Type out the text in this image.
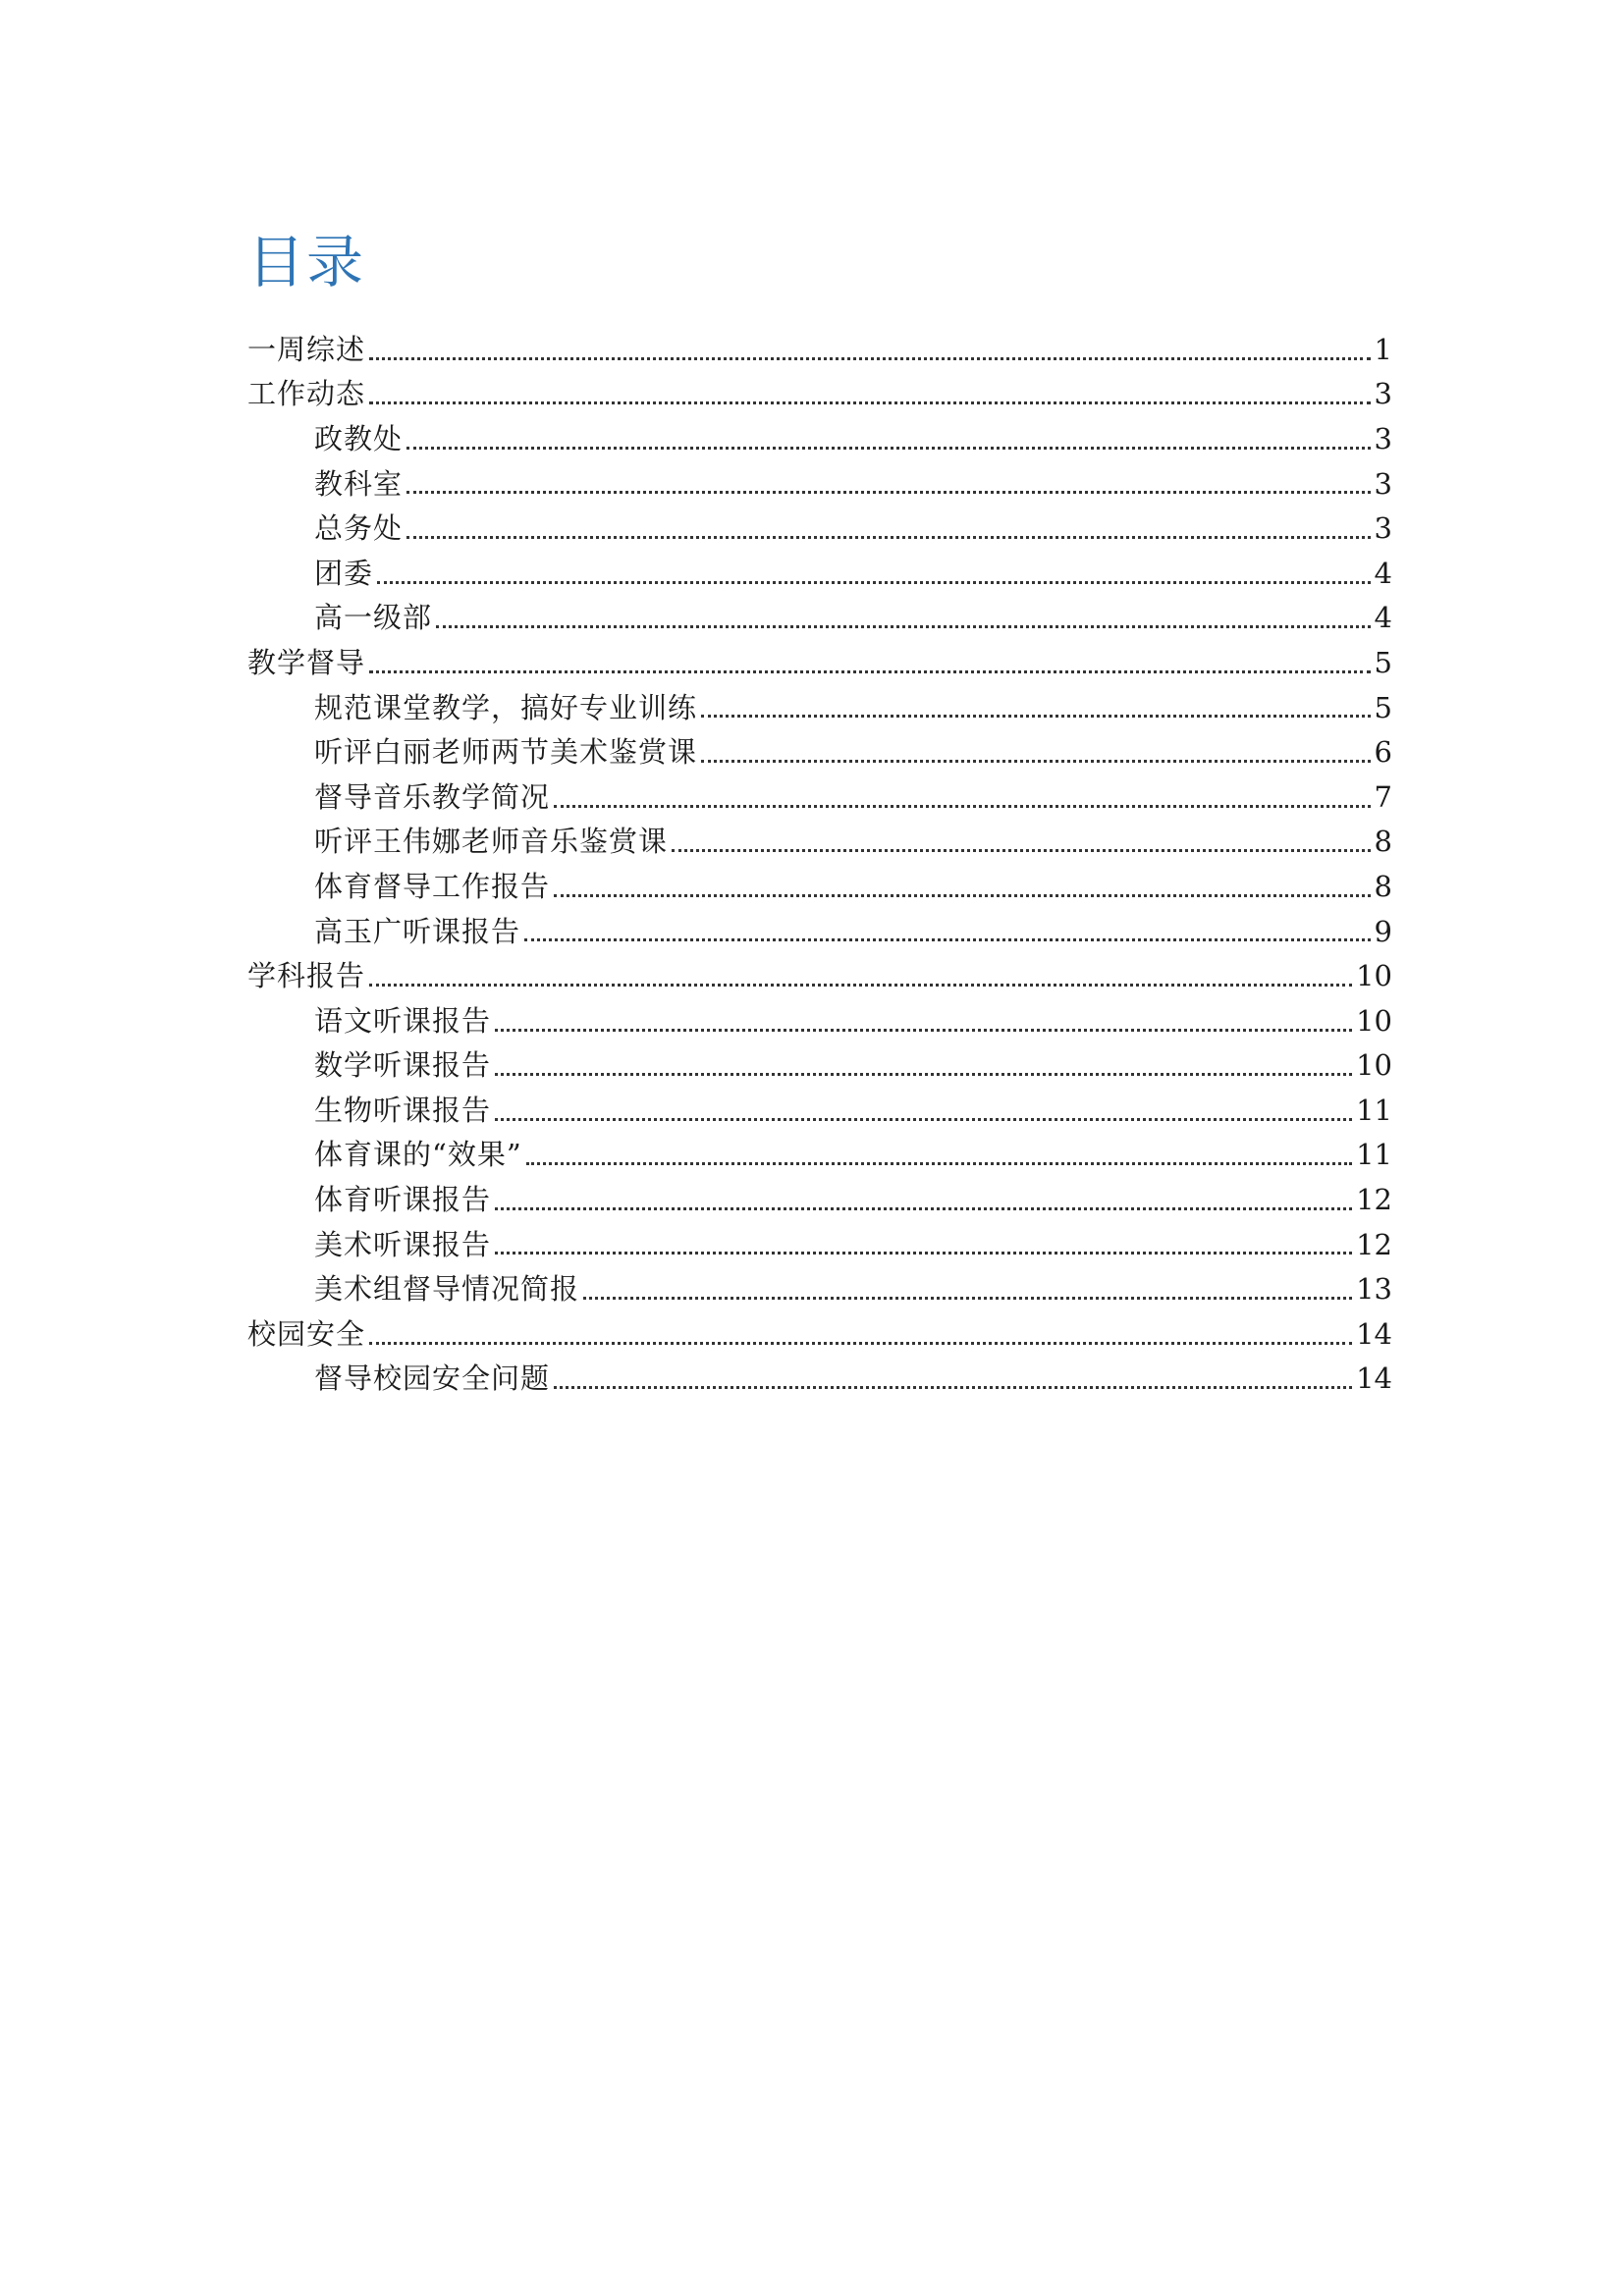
目录
一周综述	1
工作动态	3
政教处	3
教科室	3
总务处	3
团委	4
高一级部	4
教学督导	5
规范课堂教学，搞好专业训练	5
听评白丽老师两节美术鉴赏课	6
督导音乐教学简况	7
听评王伟娜老师音乐鉴赏课	8
体育督导工作报告	8
高玉广听课报告	9
学科报告	10
语文听课报告	10
数学听课报告	10
生物听课报告	11
体育课的“效果”	11
体育听课报告	12
美术听课报告	12
美术组督导情况简报	13
校园安全	14
督导校园安全问题	14
